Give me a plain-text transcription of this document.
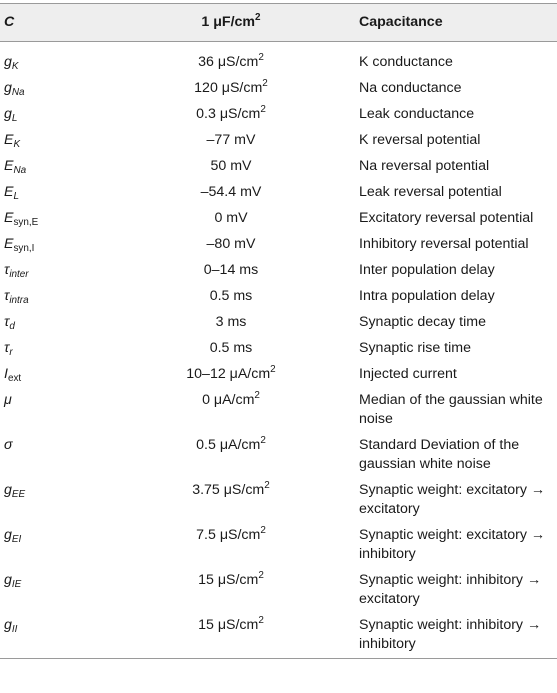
C	1 $\mu F/cm^2$	Capacitance
$g_K$	36 $\mu S/cm^2$	K conductance
$g_{Na}$	120 $\mu S/cm^2$	Na conductance
$g_L$	0.3 $\mu S/cm^2$	Leak conductance
$E_K$	–77 mV	K reversal potential
$E_{Na}$	50 mV	Na reversal potential
$E_L$	–54.4 mV	Leak reversal potential
$E_{syn,E}$	0 mV	Excitatory reversal potential
$E_{syn,I}$	–80 mV	Inhibitory reversal potential
$\tau_{inter}$	0–14 ms	Inter population delay
$\tau_{intra}$	0.5 ms	Intra population delay
$\tau_d$	3 ms	Synaptic decay time
$\tau_r$	0.5 ms	Synaptic rise time
$I_{ext}$	10–12 $\mu A/cm^2$	Injected current
μ	0 $\mu A/cm^2$	Median of the gaussian white noise
σ	0.5 $\mu A/cm^2$	Standard Deviation of the gaussian white noise
$g_{EE}$	3.75 $\mu S/cm^2$	Synaptic weight: excitatory → excitatory
$g_{EI}$	7.5 $\mu S/cm^2$	Synaptic weight: excitatory → inhibitory
$g_{IE}$	15 $\mu S/cm^2$	Synaptic weight: inhibitory → excitatory
$g_{II}$	15 $\mu S/cm^2$	Synaptic weight: inhibitory → inhibitory
